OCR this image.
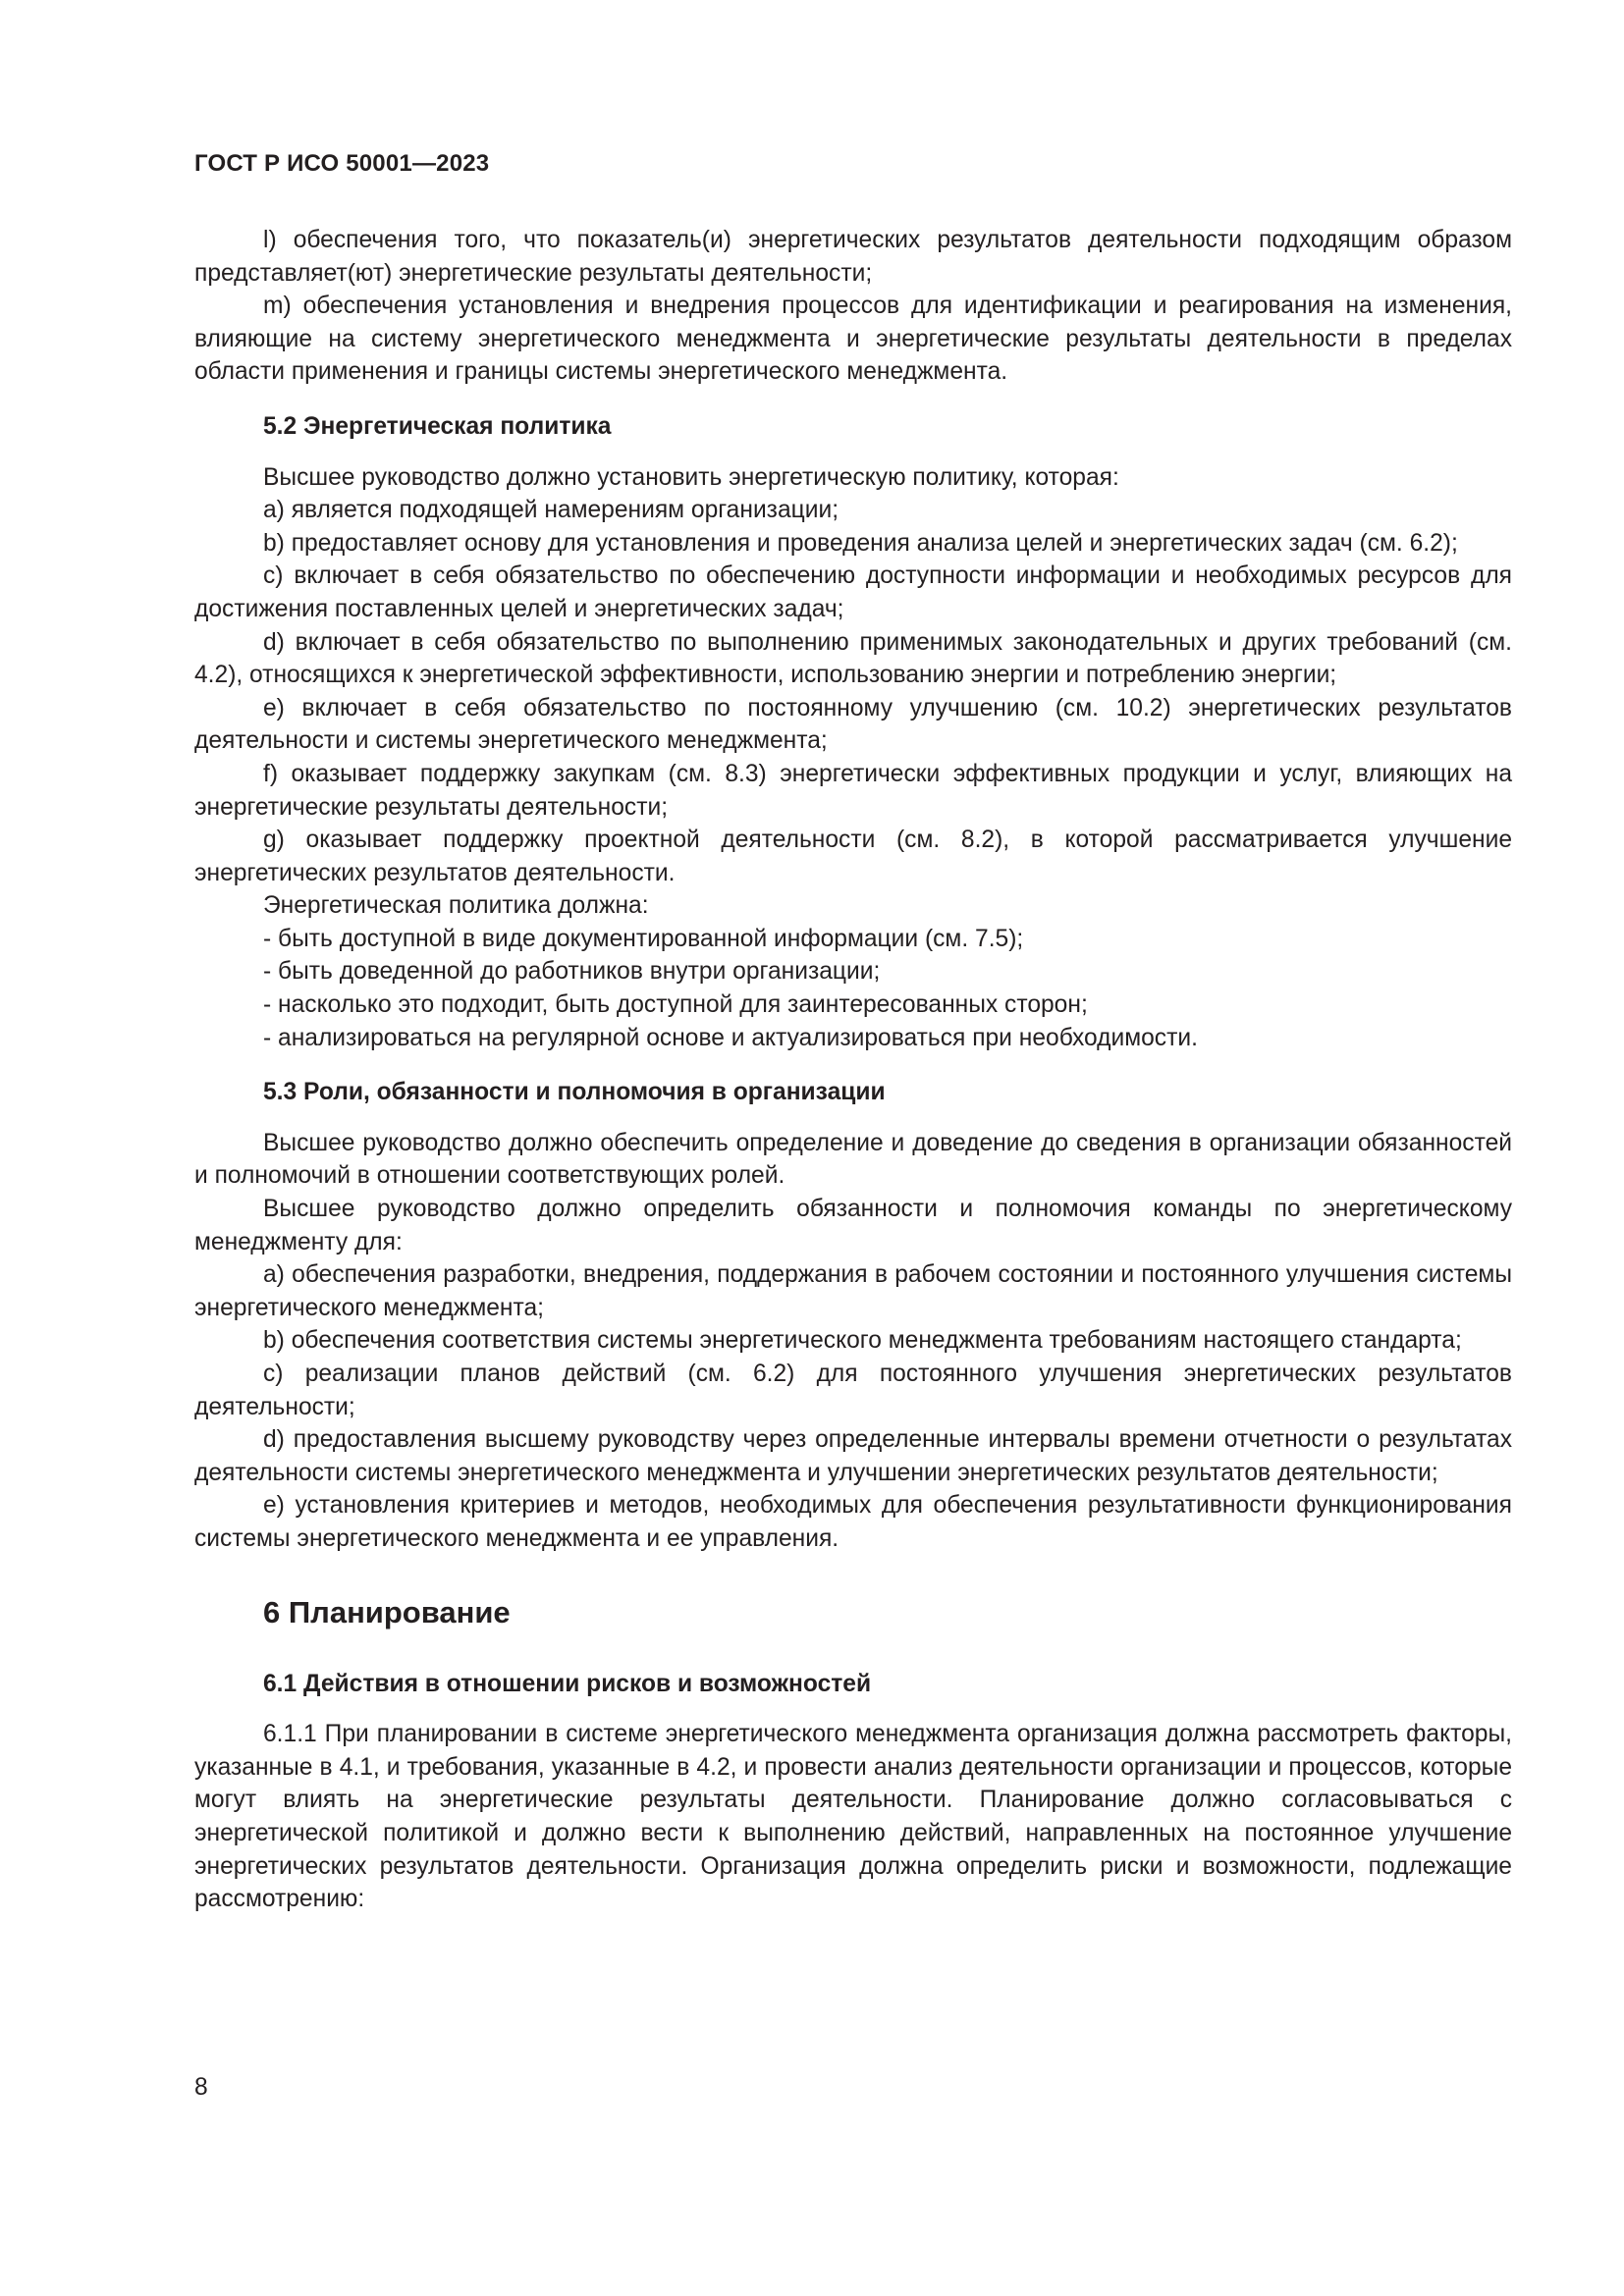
ГОСТ Р ИСО 50001—2023

l) обеспечения того, что показатель(и) энергетических результатов деятельности подходящим образом представляет(ют) энергетические результаты деятельности;

m) обеспечения установления и внедрения процессов для идентификации и реагирования на изменения, влияющие на систему энергетического менеджмента и энергетические результаты деятельности в пределах области применения и границы системы энергетического менеджмента.

5.2 Энергетическая политика

Высшее руководство должно установить энергетическую политику, которая:

a) является подходящей намерениям организации;

b) предоставляет основу для установления и проведения анализа целей и энергетических задач (см. 6.2);

c) включает в себя обязательство по обеспечению доступности информации и необходимых ресурсов для достижения поставленных целей и энергетических задач;

d) включает в себя обязательство по выполнению применимых законодательных и других требований (см. 4.2), относящихся к энергетической эффективности, использованию энергии и потреблению энергии;

e) включает в себя обязательство по постоянному улучшению (см. 10.2) энергетических результатов деятельности и системы энергетического менеджмента;

f) оказывает поддержку закупкам (см. 8.3) энергетически эффективных продукции и услуг, влияющих на энергетические результаты деятельности;

g) оказывает поддержку проектной деятельности (см. 8.2), в которой рассматривается улучшение энергетических результатов деятельности.

Энергетическая политика должна:

- быть доступной в виде документированной информации (см. 7.5);

- быть доведенной до работников внутри организации;

- насколько это подходит, быть доступной для заинтересованных сторон;

- анализироваться на регулярной основе и актуализироваться при необходимости.

5.3 Роли, обязанности и полномочия в организации

Высшее руководство должно обеспечить определение и доведение до сведения в организации обязанностей и полномочий в отношении соответствующих ролей.

Высшее руководство должно определить обязанности и полномочия команды по энергетическому менеджменту для:

a) обеспечения разработки, внедрения, поддержания в рабочем состоянии и постоянного улучшения системы энергетического менеджмента;

b) обеспечения соответствия системы энергетического менеджмента требованиям настоящего стандарта;

c) реализации планов действий (см. 6.2) для постоянного улучшения энергетических результатов деятельности;

d) предоставления высшему руководству через определенные интервалы времени отчетности о результатах деятельности системы энергетического менеджмента и улучшении энергетических результатов деятельности;

e) установления критериев и методов, необходимых для обеспечения результативности функционирования системы энергетического менеджмента и ее управления.

6 Планирование

6.1 Действия в отношении рисков и возможностей

6.1.1 При планировании в системе энергетического менеджмента организация должна рассмотреть факторы, указанные в 4.1, и требования, указанные в 4.2, и провести анализ деятельности организации и процессов, которые могут влиять на энергетические результаты деятельности. Планирование должно согласовываться с энергетической политикой и должно вести к выполнению действий, направленных на постоянное улучшение энергетических результатов деятельности. Организация должна определить риски и возможности, подлежащие рассмотрению:

8
